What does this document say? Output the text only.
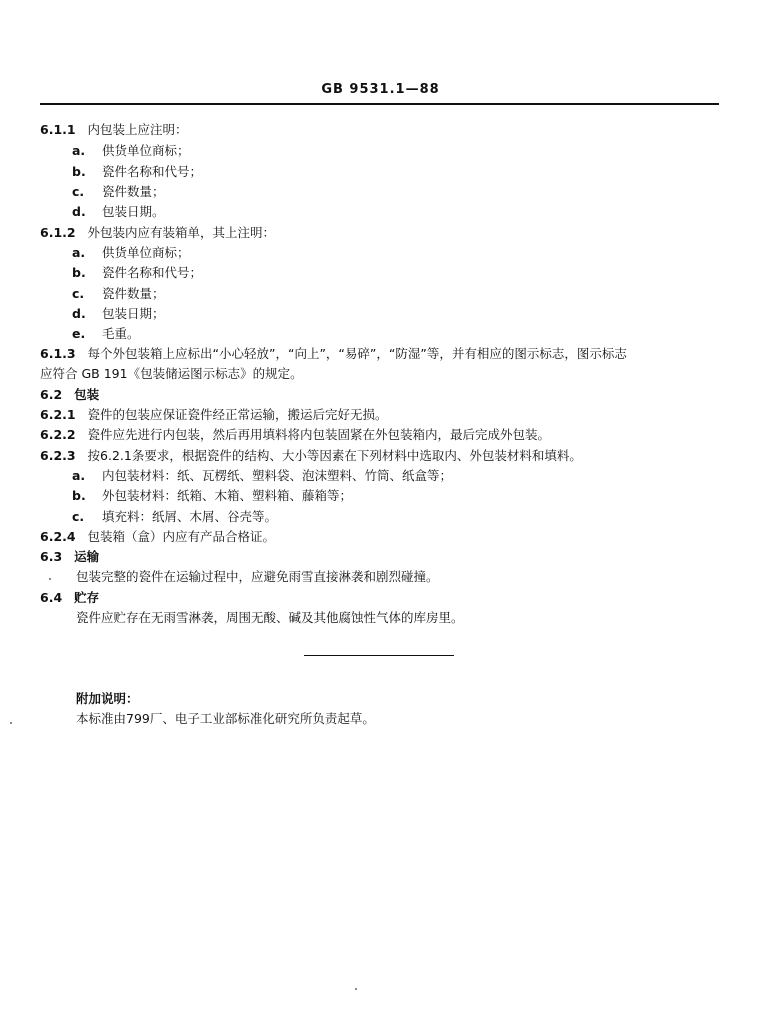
GB 9531.1—88
6.1.1 内包装上应注明：
a. 供货单位商标；
b. 瓷件名称和代号；
c. 瓷件数量；
d. 包装日期。
6.1.2 外包装内应有装箱单，其上注明：
a. 供货单位商标；
b. 瓷件名称和代号；
c. 瓷件数量；
d. 包装日期；
e. 毛重。
6.1.3 每个外包装箱上应标出“小心轻放”，“向上”，“易碎”，“防湿”等，并有相应的图示标志，图示标志
应符合 GB 191《包装储运图示标志》的规定。
6.2 包装
6.2.1 瓷件的包装应保证瓷件经正常运输，搬运后完好无损。
6.2.2 瓷件应先进行内包装，然后再用填料将内包装固紧在外包装箱内，最后完成外包装。
6.2.3 按6.2.1条要求，根据瓷件的结构、大小等因素在下列材料中选取内、外包装材料和填料。
a. 内包装材料：纸、瓦楞纸、塑料袋、泡沫塑料、竹筒、纸盒等；
b. 外包装材料：纸箱、木箱、塑料箱、藤箱等；
c. 填充料：纸屑、木屑、谷壳等。
6.2.4 包装箱（盒）内应有产品合格证。
6.3 运输
包装完整的瓷件在运输过程中，应避免雨雪直接淋袭和剧烈碰撞。
6.4 贮存
瓷件应贮存在无雨雪淋袭，周围无酸、碱及其他腐蚀性气体的库房里。
附加说明：
本标准由799厂、电子工业部标准化研究所负责起草。
